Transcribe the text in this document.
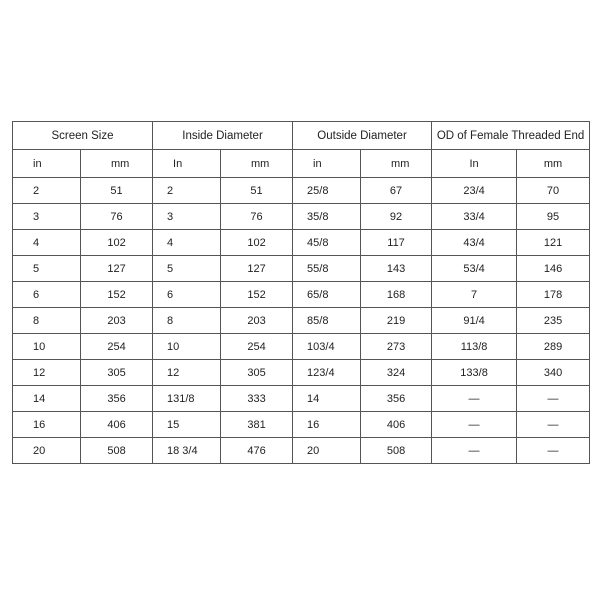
Screen Size		Inside Diameter		Outside Diameter		OD of Female Threaded End	
in	mm	In	mm	in	mm	In	mm
2	51	2	51	25/8	67	23/4	70
3	76	3	76	35/8	92	33/4	95
4	102	4	102	45/8	117	43/4	121
5	127	5	127	55/8	143	53/4	146
6	152	6	152	65/8	168	7	178
8	203	8	203	85/8	219	91/4	235
10	254	10	254	103/4	273	113/8	289
12	305	12	305	123/4	324	133/8	340
14	356	131/8	333	14	356	—	—
16	406	15	381	16	406	—	—
20	508	18 3/4	476	20	508	—	—
